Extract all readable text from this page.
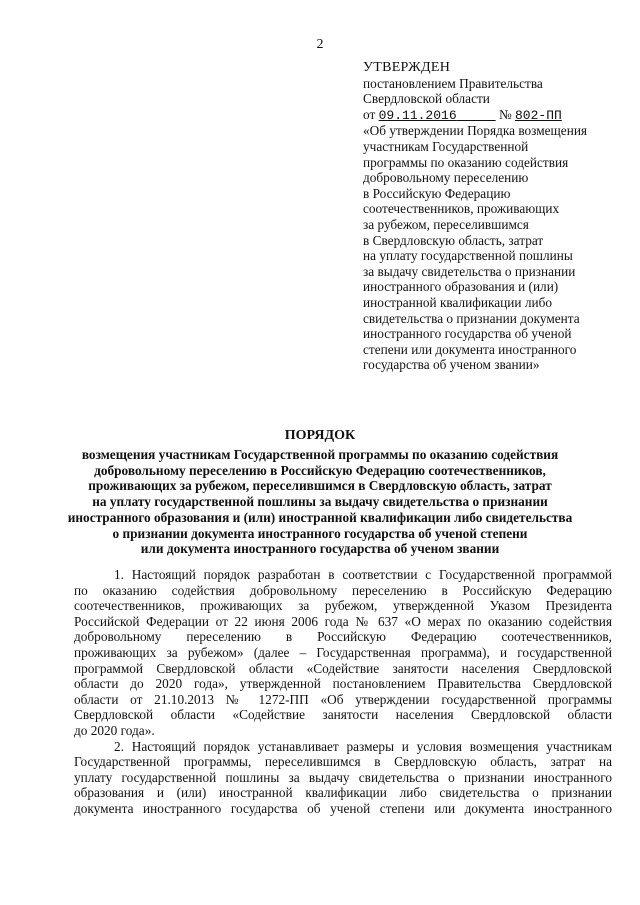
2
УТВЕРЖДЕН
постановлением Правительства
Свердловской области
от 09.11.2016	№ 802-ПП
«Об утверждении Порядка возмещения
участникам Государственной
программы по оказанию содействия
добровольному переселению
в Российскую Федерацию
соотечественников, проживающих
за рубежом, переселившимся
в Свердловскую область, затрат
на уплату государственной пошлины
за выдачу свидетельства о признании
иностранного образования и (или)
иностранной квалификации либо
свидетельства о признании документа
иностранного государства об ученой
степени или документа иностранного
государства об ученом звании»
ПОРЯДОК
возмещения участникам Государственной программы по оказанию содействия
добровольному переселению в Российскую Федерацию соотечественников,
проживающих за рубежом, переселившимся в Свердловскую область, затрат
на уплату государственной пошлины за выдачу свидетельства о признании
иностранного образования и (или) иностранной квалификации либо свидетельства
о признании документа иностранного государства об ученой степени
или документа иностранного государства об ученом звании
1. Настоящий порядок разработан в соответствии с Государственной программой
по оказанию содействия добровольному переселению в Российскую Федерацию
соотечественников, проживающих за рубежом, утвержденной Указом Президента
Российской Федерации от 22 июня 2006 года № 637 «О мерах по оказанию содействия
добровольному переселению в Российскую Федерацию соотечественников,
проживающих за рубежом» (далее – Государственная программа), и государственной
программой Свердловской области «Содействие занятости населения Свердловской
области до 2020 года», утвержденной постановлением Правительства Свердловской
области от 21.10.2013 № 1272-ПП «Об утверждении государственной программы
Свердловской области «Содействие занятости населения Свердловской области
до 2020 года».
2. Настоящий порядок устанавливает размеры и условия возмещения участникам
Государственной программы, переселившимся в Свердловскую область, затрат на
уплату государственной пошлины за выдачу свидетельства о признании иностранного
образования и (или) иностранной квалификации либо свидетельства о признании
документа иностранного государства об ученой степени или документа иностранного
